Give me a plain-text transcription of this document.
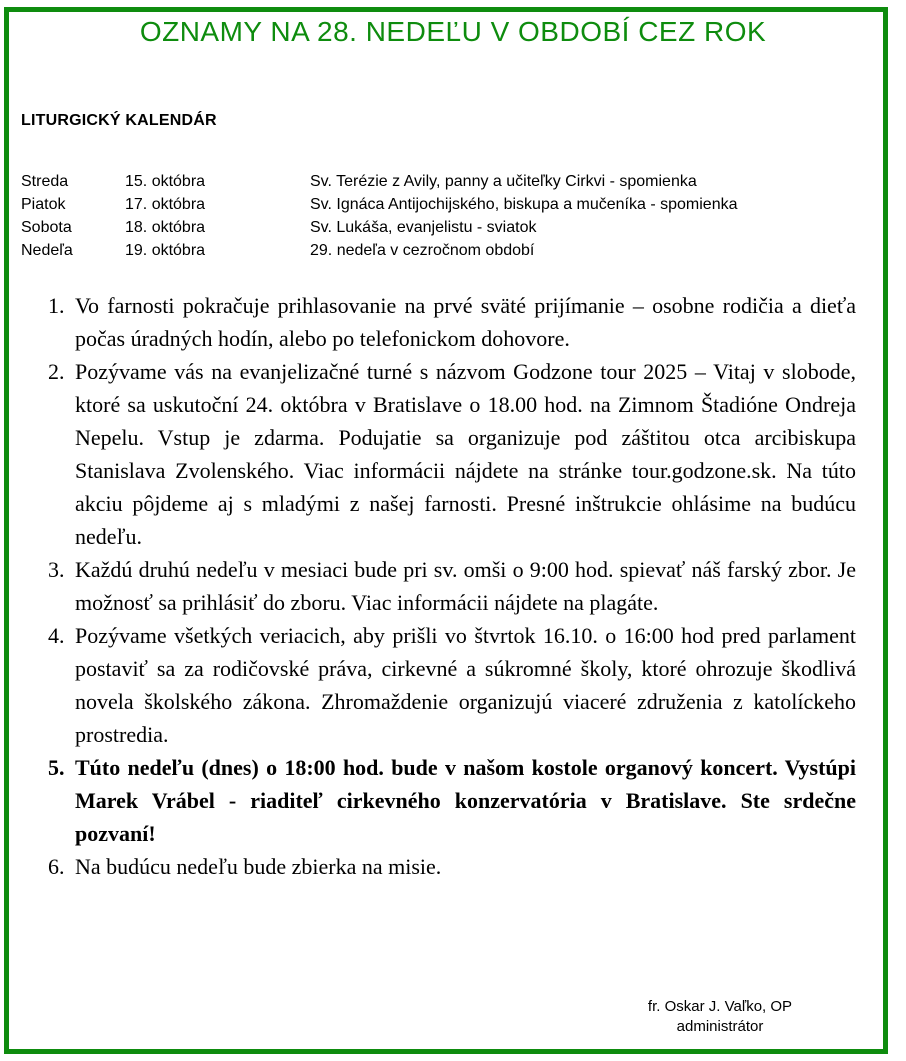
OZNAMY NA 28. NEDEĽU V OBDOBÍ CEZ ROK
LITURGICKÝ KALENDÁR
Streda	15. októbra	Sv. Terézie z Avily, panny a učiteľky Cirkvi - spomienka
Piatok	17. októbra	Sv. Ignáca Antijochijského, biskupa a mučeníka - spomienka
Sobota	18. októbra	Sv. Lukáša, evanjelistu - sviatok
Nedeľa	19. októbra	29. nedeľa v cezročnom období
1. Vo farnosti pokračuje prihlasovanie na prvé sväté prijímanie – osobne rodičia a dieťa počas úradných hodín, alebo po telefonickom dohovore.
2. Pozývame vás na evanjelizačné turné s názvom Godzone tour 2025 – Vitaj v slobode, ktoré sa uskutoční 24. októbra v Bratislave o 18.00 hod. na Zimnom Štadióne Ondreja Nepelu. Vstup je zdarma. Podujatie sa organizuje pod záštitou otca arcibiskupa Stanislava Zvolenského. Viac informácii nájdete na stránke tour.godzone.sk. Na túto akciu pôjdeme aj s mladými z našej farnosti. Presné inštrukcie ohlásime na budúcu nedeľu.
3. Každú druhú nedeľu v mesiaci bude pri sv. omši o 9:00 hod. spievať náš farský zbor. Je možnosť sa prihlásiť do zboru. Viac informácii nájdete na plagáte.
4. Pozývame všetkých veriacich, aby prišli vo štvrtok 16.10. o 16:00 hod pred parlament postaviť sa za rodičovské práva, cirkevné a súkromné školy, ktoré ohrozuje škodlivá novela školského zákona. Zhromaždenie organizujú viaceré združenia z katolíckeho prostredia.
5. Túto nedeľu (dnes) o 18:00 hod. bude v našom kostole organový koncert. Vystúpi Marek Vrábel - riaditeľ cirkevného konzervatória v Bratislave. Ste srdečne pozvaní!
6. Na budúcu nedeľu bude zbierka na misie.
fr. Oskar J. Vaľko, OP
administrátor
